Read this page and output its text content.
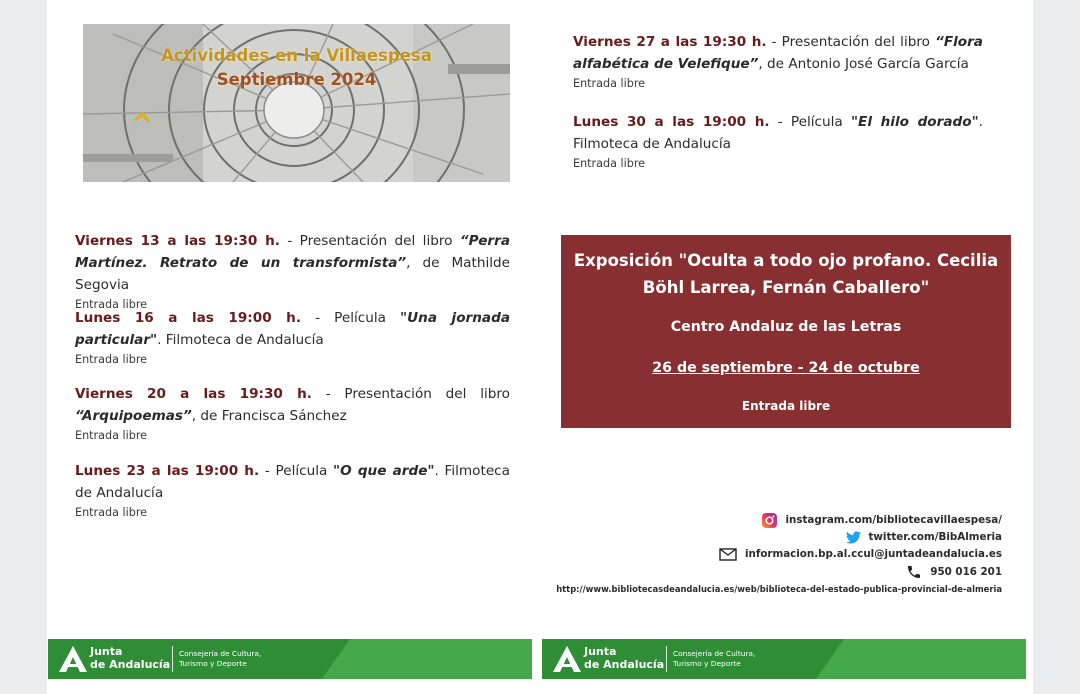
Actividades en la Villaespesa
Septiembre 2024

Viernes 27 a las 19:30 h. - Presentación del libro “Flora alfabética de Velefique”, de Antonio José García García

Entrada libre

Lunes 30 a las 19:00 h. - Película "El hilo dorado". Filmoteca de Andalucía

Entrada libre

Viernes 13 a las 19:30 h. - Presentación del libro “Perra Martínez. Retrato de un transformista”, de Mathilde Segovia

Entrada libre

Lunes 16 a las 19:00 h. - Película "Una jornada particular". Filmoteca de Andalucía

Entrada libre

Viernes 20 a las 19:30 h. - Presentación del libro “Arquipoemas”, de Francisca Sánchez

Entrada libre

Lunes 23 a las 19:00 h. - Película "O que arde". Filmoteca de Andalucía

Entrada libre
Exposición "Oculta a todo ojo profano. Cecilia
Böhl Larrea, Fernán Caballero"
Centro Andaluz de las Letras
26 de septiembre - 24 de octubre
Entrada libre
instagram.com/bibliotecavillaespesa/
twitter.com/BibAlmeria
informacion.bp.al.ccul@juntadeandalucia.es
950 016 201
http://www.bibliotecasdeandalucia.es/web/biblioteca-del-estado-publica-provincial-de-almeria
Junta
de Andalucía
Consejería de Cultura,
Turismo y Deporte
Junta
de Andalucía
Consejería de Cultura,
Turismo y Deporte
